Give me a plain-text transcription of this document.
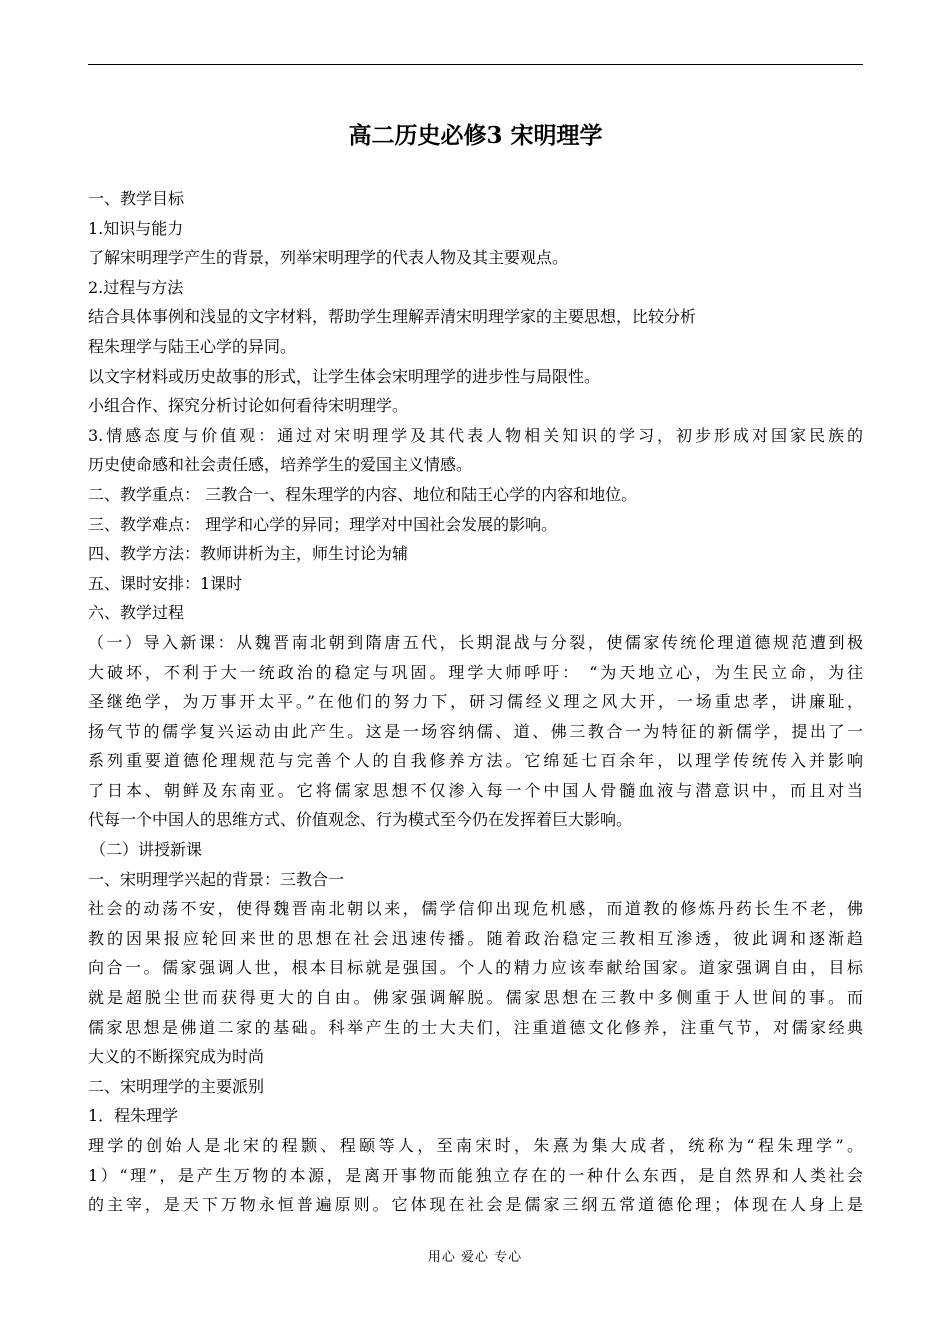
高二历史必修3 宋明理学
一、教学目标
1.知识与能力
了解宋明理学产生的背景，列举宋明理学的代表人物及其主要观点。
2.过程与方法
结合具体事例和浅显的文字材料，帮助学生理解弄清宋明理学家的主要思想，比较分析
程朱理学与陆王心学的异同。
以文字材料或历史故事的形式，让学生体会宋明理学的进步性与局限性。
小组合作、探究分析讨论如何看待宋明理学。
3.情感态度与价值观：通过对宋明理学及其代表人物相关知识的学习，初步形成对国家民族的
历史使命感和社会责任感，培养学生的爱国主义情感。
二、教学重点： 三教合一、程朱理学的内容、地位和陆王心学的内容和地位。
三、教学难点： 理学和心学的异同；理学对中国社会发展的影响。
四、教学方法：教师讲析为主，师生讨论为辅
五、课时安排：1课时
六、教学过程
（一）导入新课：从魏晋南北朝到隋唐五代，长期混战与分裂，使儒家传统伦理道德规范遭到极
大破坏，不利于大一统政治的稳定与巩固。理学大师呼吁： “为天地立心，为生民立命，为往
圣继绝学，为万事开太平。”在他们的努力下，研习儒经义理之风大开，一场重忠孝，讲廉耻，
扬气节的儒学复兴运动由此产生。这是一场容纳儒、道、佛三教合一为特征的新儒学，提出了一
系列重要道德伦理规范与完善个人的自我修养方法。它绵延七百余年，以理学传统传入并影响
了日本、朝鲜及东南亚。它将儒家思想不仅渗入每一个中国人骨髓血液与潜意识中，而且对当
代每一个中国人的思维方式、价值观念、行为模式至今仍在发挥着巨大影响。
（二）讲授新课
一、宋明理学兴起的背景：三教合一
社会的动荡不安，使得魏晋南北朝以来，儒学信仰出现危机感，而道教的修炼丹药长生不老，佛
教的因果报应轮回来世的思想在社会迅速传播。随着政治稳定三教相互渗透，彼此调和逐渐趋
向合一。儒家强调人世，根本目标就是强国。个人的精力应该奉献给国家。道家强调自由，目标
就是超脱尘世而获得更大的自由。佛家强调解脱。儒家思想在三教中多侧重于人世间的事。而
儒家思想是佛道二家的基础。科举产生的士大夫们，注重道德文化修养，注重气节，对儒家经典
大义的不断探究成为时尚
二、宋明理学的主要派别
1．程朱理学
理学的创始人是北宋的程颢、程颐等人，至南宋时，朱熹为集大成者，统称为“程朱理学”。
1）“理”，是产生万物的本源，是离开事物而能独立存在的一种什么东西，是自然界和人类社会
的主宰，是天下万物永恒普遍原则。它体现在社会是儒家三纲五常道德伦理；体现在人身上是
用心 爱心 专心
